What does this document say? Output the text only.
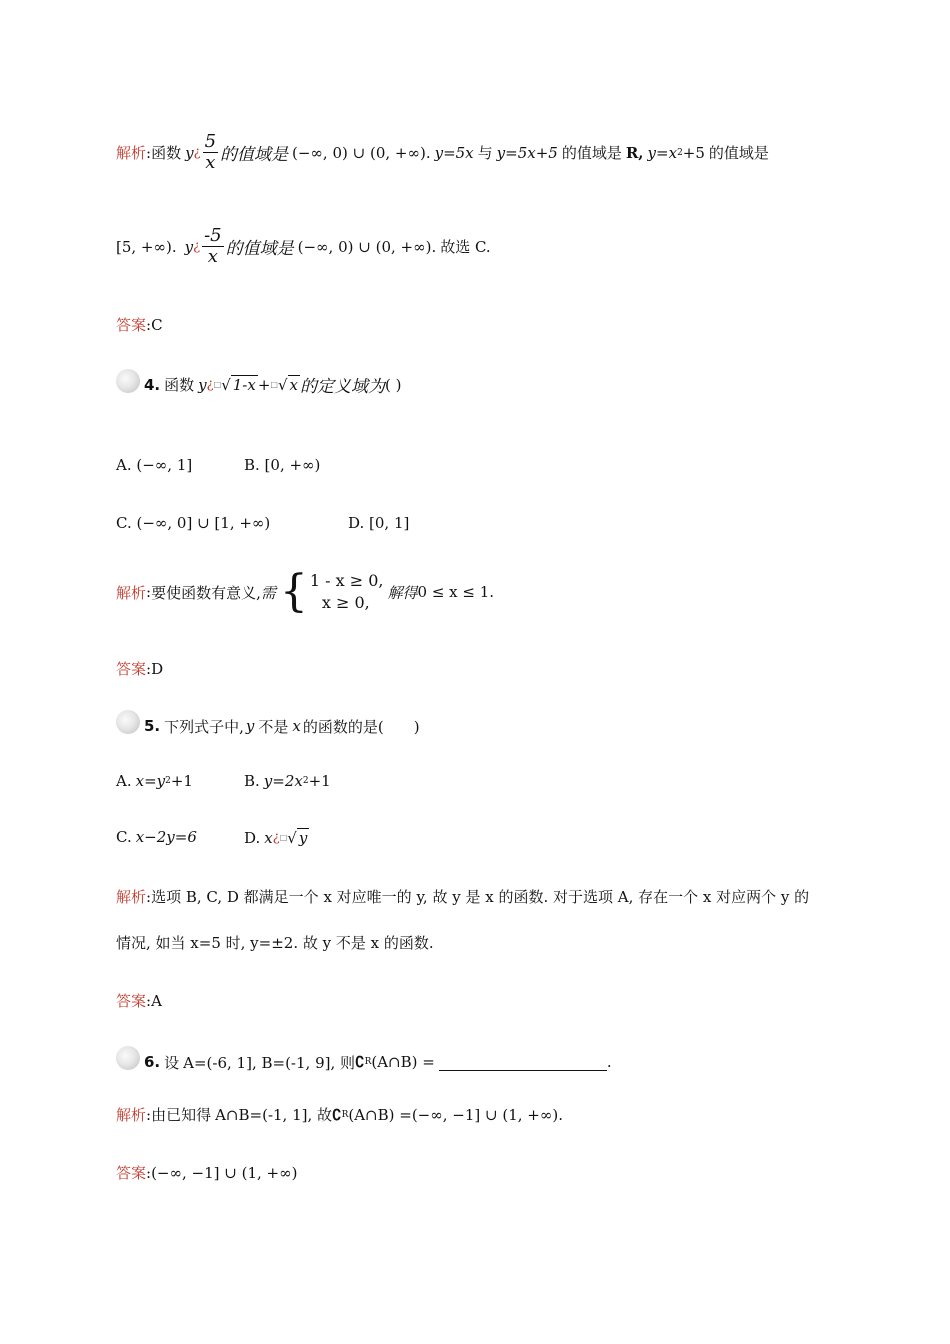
解析 : 函数 y ¿ $\frac{5}{x}$ 的值域是 (−∞, 0) ∪ (0, +∞). y=5x 与 y=5x+5 的值域是 R, y=x 2 +5 的值域是
[5, +∞). y ¿ $\frac{-5}{x}$ 的值域是 (−∞, 0) ∪ (0, +∞). 故选 C.
答案 : C
4. 函数 y ¿ □ √ 1-x + □ √ x 的定义域为 ( )
A. (−∞, 1]	B. [0, +∞)
C. (−∞, 0] ∪ [1, +∞)	D. [0, 1]
解析 : 要使函数有意义, 需 { 1 - x ≥ 0,
x ≥ 0,
解得 0 ≤ x ≤ 1.
答案 : D
5. 下列式子中, y 不是 x 的函数的是(　　)
A. x=y 2 +1	B. y=2x 2 +1
C. x−2y=6	D. x ¿ □ √ y
解析 : 选项 B, C, D 都满足一个 x 对应唯一的 y, 故 y 是 x 的函数. 对于选项 A, 存在一个 x 对应两个 y 的
情况, 如当 x=5 时, y=±2. 故 y 不是 x 的函数.
答案 : A
6. 设 A=(-6, 1], B=(-1, 9], 则 ∁ R (A∩B) =	.
解析 : 由已知得 A∩B=(-1, 1], 故 ∁ R (A∩B) =(−∞, −1] ∪ (1, +∞).
答案 : (−∞, −1] ∪ (1, +∞)
